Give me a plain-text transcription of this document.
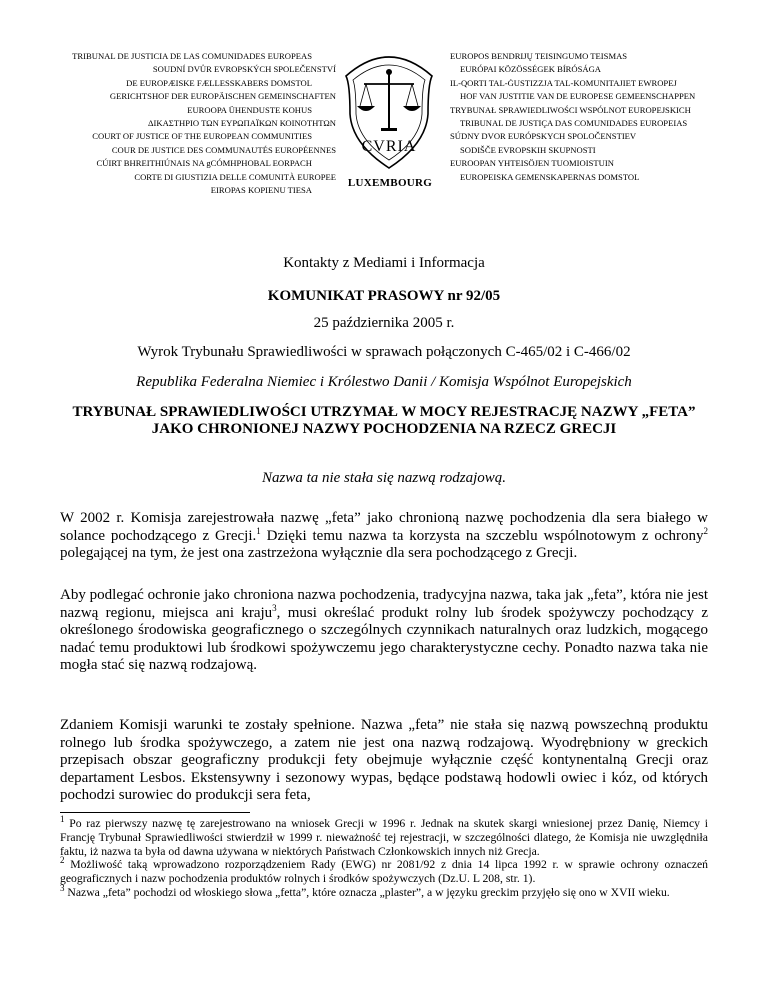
TRIBUNAL DE JUSTICIA DE LAS COMUNIDADES EUROPEAS
SOUDNÍ DVŮR EVROPSKÝCH SPOLEČENSTVÍ
DE EUROPÆISKE FÆLLESSKABERS DOMSTOL
GERICHTSHOF DER EUROPÄISCHEN GEMEINSCHAFTEN
EUROOPA ÜHENDUSTE KOHUS
ΔΙΚΑΣΤΗΡΙΟ ΤΩΝ ΕΥΡΩΠΑΪΚΩΝ ΚΟΙΝΟΤΗΤΩΝ
COURT OF JUSTICE OF THE EUROPEAN COMMUNITIES
COUR DE JUSTICE DES COMMUNAUTÉS EUROPÉENNES
CÚIRT BHREITHIÚNAIS NA gCÓMHPHOBAL EORPACH
CORTE DI GIUSTIZIA DELLE COMUNITÀ EUROPEE
EIROPAS KOPIENU TIESA
CVRIA
LUXEMBOURG
EUROPOS BENDRIJŲ TEISINGUMO TEISMAS
EURÓPAI KÖZÖSSÉGEK BÍRÓSÁGA
IL-QORTI TAL-ĠUSTIZZJA TAL-KOMUNITAJIET EWROPEJ
HOF VAN JUSTITIE VAN DE EUROPESE GEMEENSCHAPPEN
TRYBUNAŁ SPRAWIEDLIWOŚCI WSPÓLNOT EUROPEJSKICH
TRIBUNAL DE JUSTIÇA DAS COMUNIDADES EUROPEIAS
SÚDNY DVOR EURÓPSKYCH SPOLOČENSTIEV
SODIŠČE EVROPSKIH SKUPNOSTI
EUROOPAN YHTEISÖJEN TUOMIOISTUIN
EUROPEISKA GEMENSKAPERNAS DOMSTOL
Kontakty z Mediami i Informacja
KOMUNIKAT PRASOWY nr 92/05
25 października 2005 r.
Wyrok Trybunału Sprawiedliwości w sprawach połączonych C-465/02 i C-466/02
Republika Federalna Niemiec i Królestwo Danii / Komisja Wspólnot Europejskich
TRYBUNAŁ SPRAWIEDLIWOŚCI UTRZYMAŁ W MOCY REJESTRACJĘ NAZWY „FETA” JAKO CHRONIONEJ NAZWY POCHODZENIA NA RZECZ GRECJI
Nazwa ta nie stała się nazwą rodzajową.
W 2002 r. Komisja zarejestrowała nazwę „feta” jako chronioną nazwę pochodzenia dla sera białego w solance pochodzącego z Grecji.$^1$ Dzięki temu nazwa ta korzysta na szczeblu wspólnotowym z ochrony$^2$ polegającej na tym, że jest ona zastrzeżona wyłącznie dla sera pochodzącego z Grecji.
Aby podlegać ochronie jako chroniona nazwa pochodzenia, tradycyjna nazwa, taka jak „feta”, która nie jest nazwą regionu, miejsca ani kraju$^3$, musi określać produkt rolny lub środek spożywczy pochodzący z określonego środowiska geograficznego o szczególnych czynnikach naturalnych oraz ludzkich, mogącego nadać temu produktowi lub środkowi spożywczemu jego charakterystyczne cechy. Ponadto nazwa taka nie mogła stać się nazwą rodzajową.
Zdaniem Komisji warunki te zostały spełnione. Nazwa „feta” nie stała się nazwą powszechną produktu rolnego lub środka spożywczego, a zatem nie jest ona nazwą rodzajową. Wyodrębniony w greckich przepisach obszar geograficzny produkcji fety obejmuje wyłącznie część kontynentalną Grecji oraz departament Lesbos. Ekstensywny i sezonowy wypas, będące podstawą hodowli owiec i kóz, od których pochodzi surowiec do produkcji sera feta,

$^1$ Po raz pierwszy nazwę tę zarejestrowano na wniosek Grecji w 1996 r. Jednak na skutek skargi wniesionej przez Danię, Niemcy i Francję Trybunał Sprawiedliwości stwierdził w 1999 r. nieważność tej rejestracji, w szczególności dlatego, że Komisja nie uwzględniła faktu, iż nazwa ta była od dawna używana w niektórych Państwach Członkowskich innych niż Grecja.

$^2$ Możliwość taką wprowadzono rozporządzeniem Rady (EWG) nr 2081/92 z dnia 14 lipca 1992 r. w sprawie ochrony oznaczeń geograficznych i nazw pochodzenia produktów rolnych i środków spożywczych (Dz.U. L 208, str. 1).

$^3$ Nazwa „feta” pochodzi od włoskiego słowa „fetta”, które oznacza „plaster”, a w języku greckim przyjęło się ono w XVII wieku.
